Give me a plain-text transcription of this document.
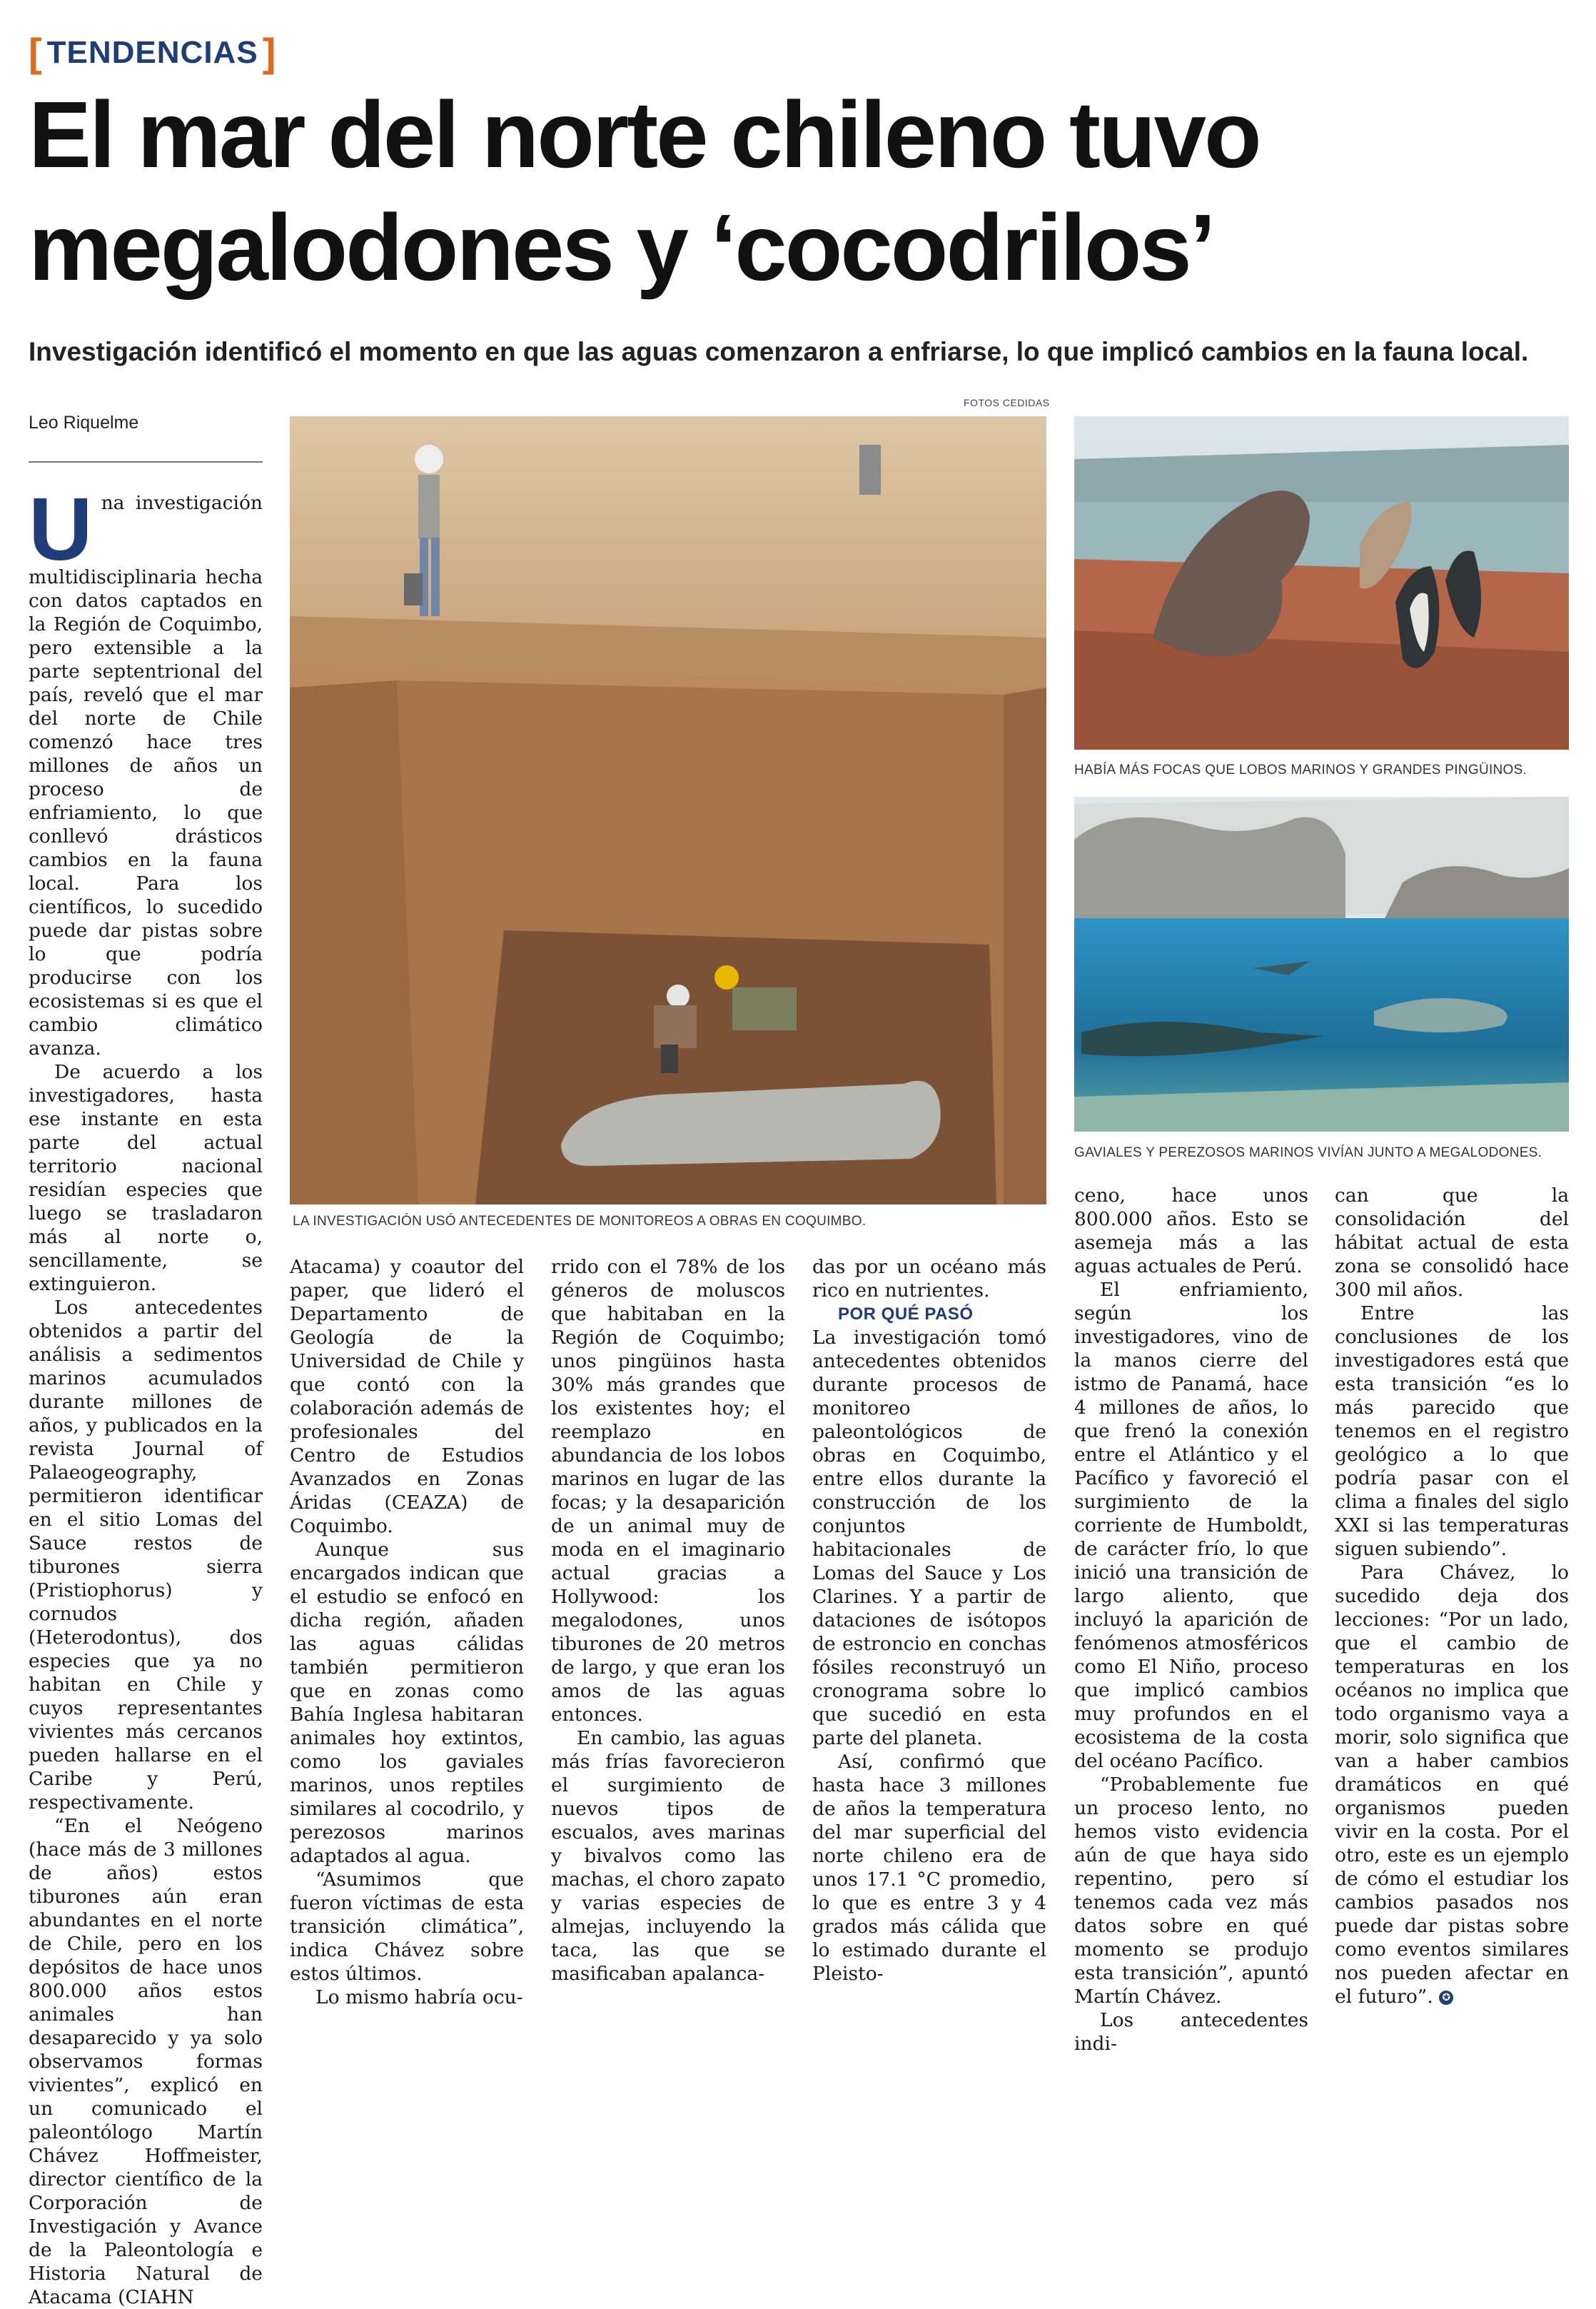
[ TENDENCIAS ]
El mar del norte chileno tuvo
megalodones y ‘cocodrilos’
Investigación identificó el momento en que las aguas comenzaron a enfriarse, lo que implicó cambios en la fauna local.
Leo Riquelme
FOTOS CEDIDAS
LA INVESTIGACIÓN USÓ ANTECEDENTES DE MONITOREOS A OBRAS EN COQUIMBO.
HABÍA MÁS FOCAS QUE LOBOS MARINOS Y GRANDES PINGÜINOS.
GAVIALES Y PEREZOSOS MARINOS VIVÍAN JUNTO A MEGALODONES.

Una investigación multidisciplinaria hecha con datos captados en la Región de Coquimbo, pero extensible a la parte septentrional del país, reveló que el mar del norte de Chile comenzó hace tres millones de años un proceso de enfriamiento, lo que conllevó drásticos cambios en la fauna local. Para los científicos, lo sucedido puede dar pistas sobre lo que podría producirse con los ecosistemas si es que el cambio climático avanza.

De acuerdo a los investigadores, hasta ese instante en esta parte del actual territorio nacional residían especies que luego se trasladaron más al norte o, sencillamente, se extinguieron.

Los antecedentes obtenidos a partir del análisis a sedimentos marinos acumulados durante millones de años, y publicados en la revista Journal of Palaeogeography, permitieron identificar en el sitio Lomas del Sauce restos de tiburones sierra (Pristiophorus) y cornudos (Heterodontus), dos especies que ya no habitan en Chile y cuyos representantes vivientes más cercanos pueden hallarse en el Caribe y Perú, respectivamente.

“En el Neógeno (hace más de 3 millones de años) estos tiburones aún eran abundantes en el norte de Chile, pero en los depósitos de hace unos 800.000 años estos animales han desaparecido y ya solo observamos formas vivientes”, explicó en un comunicado el paleontólogo Martín Chávez Hoffmeister, director científico de la Corporación de Investigación y Avance de la Paleontología e Historia Natural de Atacama (CIAHN

Atacama) y coautor del paper, que lideró el Departamento de Geología de la Universidad de Chile y que contó con la colaboración además de profesionales del Centro de Estudios Avanzados en Zonas Áridas (CEAZA) de Coquimbo.

Aunque sus encargados indican que el estudio se enfocó en dicha región, añaden las aguas cálidas también permitieron que en zonas como Bahía Inglesa habitaran animales hoy extintos, como los gaviales marinos, unos reptiles similares al cocodrilo, y perezosos marinos adaptados al agua.

“Asumimos que fueron víctimas de esta transición climática”, indica Chávez sobre estos últimos.

Lo mismo habría ocu-

rrido con el 78% de los géneros de moluscos que habitaban en la Región de Coquimbo; unos pingüinos hasta 30% más grandes que los existentes hoy; el reemplazo en abundancia de los lobos marinos en lugar de las focas; y la desaparición de un animal muy de moda en el imaginario actual gracias a Hollywood: los megalodones, unos tiburones de 20 metros de largo, y que eran los amos de las aguas entonces.

En cambio, las aguas más frías favorecieron el surgimiento de nuevos tipos de escualos, aves marinas y bivalvos como las machas, el choro zapato y varias especies de almejas, incluyendo la taca, las que se masificaban apalanca-

das por un océano más rico en nutrientes.

POR QUÉ PASÓ

La investigación tomó antecedentes obtenidos durante procesos de monitoreo paleontológicos de obras en Coquimbo, entre ellos durante la construcción de los conjuntos habitacionales de Lomas del Sauce y Los Clarines. Y a partir de dataciones de isótopos de estroncio en conchas fósiles reconstruyó un cronograma sobre lo que sucedió en esta parte del planeta.

Así, confirmó que hasta hace 3 millones de años la temperatura del mar superficial del norte chileno era de unos 17.1 °C promedio, lo que es entre 3 y 4 grados más cálida que lo estimado durante el Pleisto-

ceno, hace unos 800.000 años. Esto se asemeja más a las aguas actuales de Perú.

El enfriamiento, según los investigadores, vino de la manos cierre del istmo de Panamá, hace 4 millones de años, lo que frenó la conexión entre el Atlántico y el Pacífico y favoreció el surgimiento de la corriente de Humboldt, de carácter frío, lo que inició una transición de largo aliento, que incluyó la aparición de fenómenos atmosféricos como El Niño, proceso que implicó cambios muy profundos en el ecosistema de la costa del océano Pacífico.

“Probablemente fue un proceso lento, no hemos visto evidencia aún de que haya sido repentino, pero sí tenemos cada vez más datos sobre en qué momento se produjo esta transición”, apuntó Martín Chávez.

Los antecedentes indi-

can que la consolidación del hábitat actual de esta zona se consolidó hace 300 mil años.

Entre las conclusiones de los investigadores está que esta transición “es lo más parecido que tenemos en el registro geológico a lo que podría pasar con el clima a finales del siglo XXI si las temperaturas siguen subiendo”.

Para Chávez, lo sucedido deja dos lecciones: “Por un lado, que el cambio de temperaturas en los océanos no implica que todo organismo vaya a morir, solo significa que van a haber cambios dramáticos en qué organismos pueden vivir en la costa. Por el otro, este es un ejemplo de cómo el estudiar los cambios pasados nos puede dar pistas sobre como eventos similares nos pueden afectar en el futuro”. ✪
